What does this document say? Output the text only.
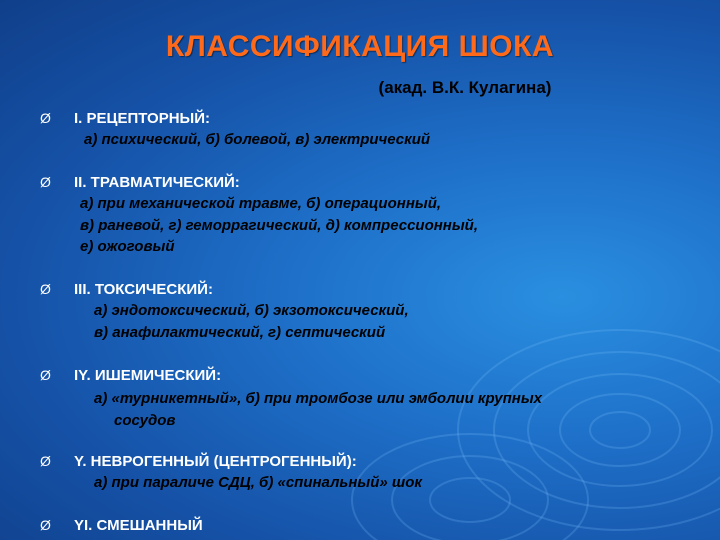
КЛАССИФИКАЦИЯ ШОКА
(акад. В.К. Кулагина)
Ø I. РЕЦЕПТОРНЫЙ:
а) психический, б) болевой, в) электрический
Ø II. ТРАВМАТИЧЕСКИЙ:
а) при механической травме, б) операционный,
в) раневой, г) геморрагический, д) компрессионный,
е) ожоговый
Ø III. ТОКСИЧЕСКИЙ:
а) эндотоксический, б) экзотоксический,
в) анафилактический, г) септический
Ø IY. ИШЕМИЧЕСКИЙ:
а) «турникетный», б) при тромбозе или эмболии крупных
сосудов
Ø Y. НЕВРОГЕННЫЙ (ЦЕНТРОГЕННЫЙ):
а) при параличе СДЦ, б) «спинальный» шок
Ø YI. СМЕШАННЫЙ
